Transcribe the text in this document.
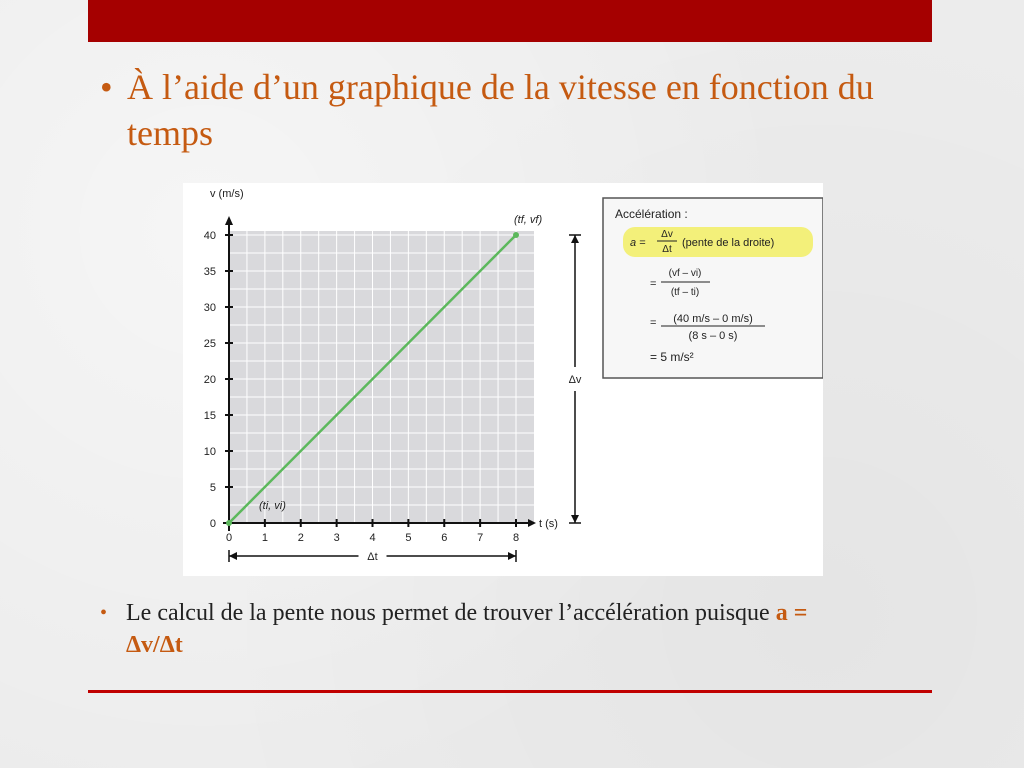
• À l’aide d’un graphique de la vitesse en fonction du temps
v (m/s)
t (s)
0
5
10
15
20
25
30
35
40
0	1	2	3	4	5	6	7	8
(ti, vi)
(tf, vf)
Δt
Δv
Accélération :
a =
Δv
Δt
(pente de la droite)
=
(vf – vi)
(tf – ti)
= (40 m/s – 0 m/s)
(8 s – 0 s)
= 5 m/s²
• Le calcul de la pente nous permet de trouver l’accélération puisque a = Δv/Δt
